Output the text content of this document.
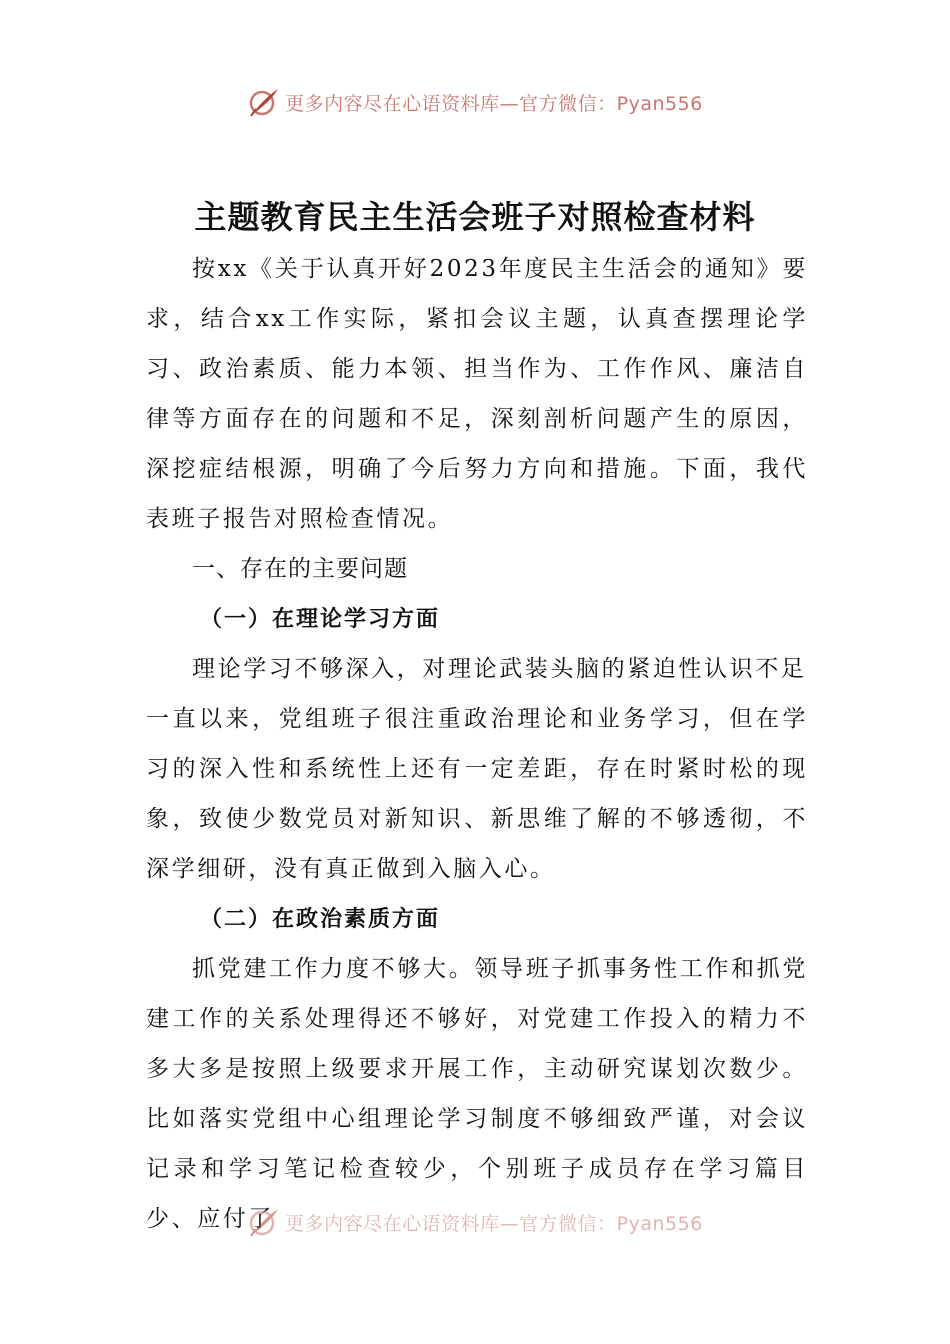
更多内容尽在心语资料库—官方微信：Pyan556
主题教育民主生活会班子对照检查材料

按xx《关于认真开好2023年度民主生活会的通知》要求，结合xx工作实际，紧扣会议主题，认真查摆理论学习、政治素质、能力本领、担当作为、工作作风、廉洁自律等方面存在的问题和不足，深刻剖析问题产生的原因，深挖症结根源，明确了今后努力方向和措施。下面，我代表班子报告对照检查情况。

一、存在的主要问题

（一）在理论学习方面

理论学习不够深入，对理论武装头脑的紧迫性认识不足

一直以来，党组班子很注重政治理论和业务学习，但在学习的深入性和系统性上还有一定差距，存在时紧时松的现象，致使少数党员对新知识、新思维了解的不够透彻，不深学细研，没有真正做到入脑入心。

（二）在政治素质方面

抓党建工作力度不够大。领导班子抓事务性工作和抓党建工作的关系处理得还不够好，对党建工作投入的精力不多大多是按照上级要求开展工作，主动研究谋划次数少。比如落实党组中心组理论学习制度不够细致严谨，对会议记录和学习笔记检查较少，个别班子成员存在学习篇目少、应付了 更多内容尽在心语资料库—官方微信：Pyan556
